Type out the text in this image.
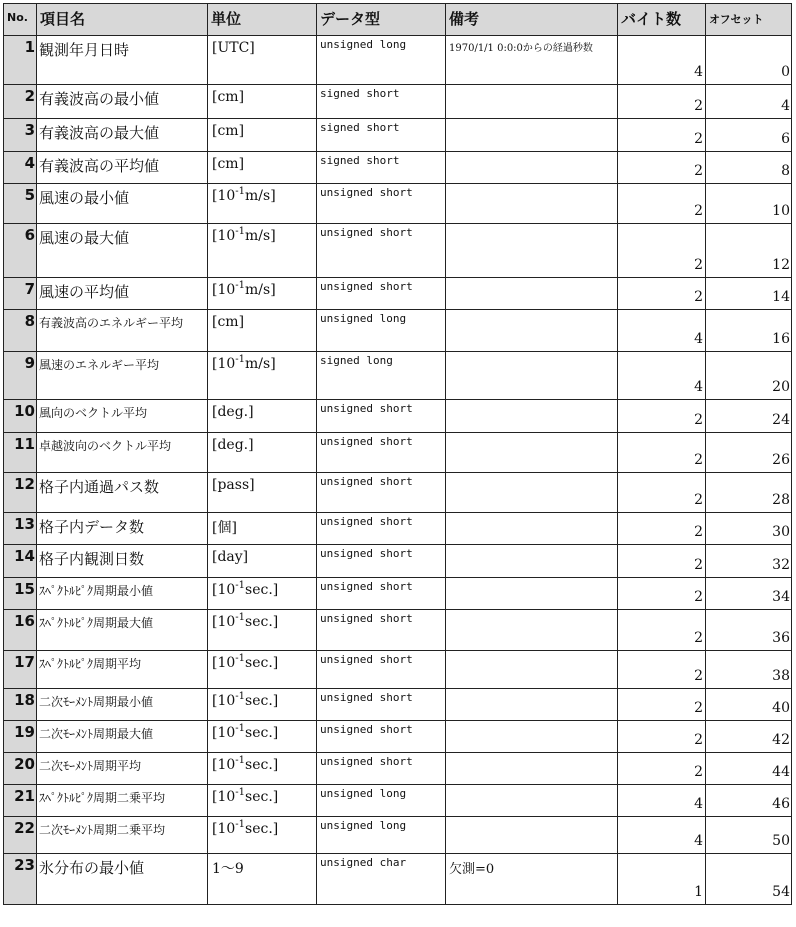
No.	項目名	単位	データ型	備考	バイト数	オフセット
1	観測年月日時	[UTC]	unsigned long	1970/1/1 0:0:0からの経過秒数	4	0
2	有義波高の最小値	[cm]	signed short		2	4
3	有義波高の最大値	[cm]	signed short		2	6
4	有義波高の平均値	[cm]	signed short		2	8
5	風速の最小値	$[10^{-1}m/s]$	unsigned short		2	10
6	風速の最大値	$[10^{-1}m/s]$	unsigned short		2	12
7	風速の平均値	$[10^{-1}m/s]$	unsigned short		2	14
8	有義波高のエネルギー平均	[cm]	unsigned long		4	16
9	風速のエネルギー平均	$[10^{-1}m/s]$	signed long		4	20
10	風向のベクトル平均	[deg.]	unsigned short		2	24
11	卓越波向のベクトル平均	[deg.]	unsigned short		2	26
12	格子内通過パス数	[pass]	unsigned short		2	28
13	格子内データ数	[個]	unsigned short		2	30
14	格子内観測日数	[day]	unsigned short		2	32
15	ｽﾍﾟｸﾄﾙﾋﾟｸ周期最小値	$[10^{-1}\sec.]$	unsigned short		2	34
16	ｽﾍﾟｸﾄﾙﾋﾟｸ周期最大値	$[10^{-1}\sec.]$	unsigned short		2	36
17	ｽﾍﾟｸﾄﾙﾋﾟｸ周期平均	$[10^{-1}\sec.]$	unsigned short		2	38
18	二次ﾓｰﾒﾝﾄ周期最小値	$[10^{-1}\sec.]$	unsigned short		2	40
19	二次ﾓｰﾒﾝﾄ周期最大値	$[10^{-1}\sec.]$	unsigned short		2	42
20	二次ﾓｰﾒﾝﾄ周期平均	$[10^{-1}\sec.]$	unsigned short		2	44
21	ｽﾍﾟｸﾄﾙﾋﾟｸ周期二乗平均	$[10^{-1}\sec.]$	unsigned long		4	46
22	二次ﾓｰﾒﾝﾄ周期二乗平均	$[10^{-1}\sec.]$	unsigned long		4	50
23	氷分布の最小値	1～9	unsigned char	欠測=0	1	54
